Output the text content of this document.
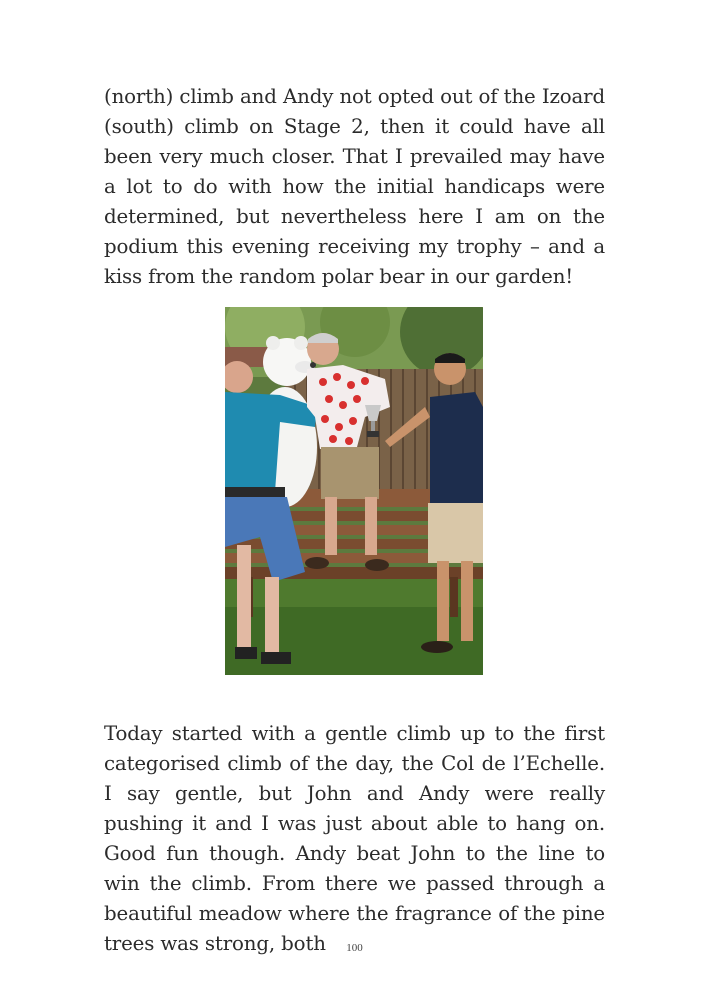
(north) climb and Andy not opted out of the Izoard (south) climb on Stage 2, then it could have all been very much closer. That I prevailed may have a lot to do with how the initial handicaps were determined, but nevertheless here I am on the podium this evening receiving my trophy – and a kiss from the random polar bear in our garden!

Today started with a gentle climb up to the first categorised climb of the day, the Col de l’Echelle. I say gentle, but John and Andy were really pushing it and I was just about able to hang on. Good fun though. Andy beat John to the line to win the climb. From there we passed through a beautiful meadow where the fragrance of the pine trees was strong, both	100
